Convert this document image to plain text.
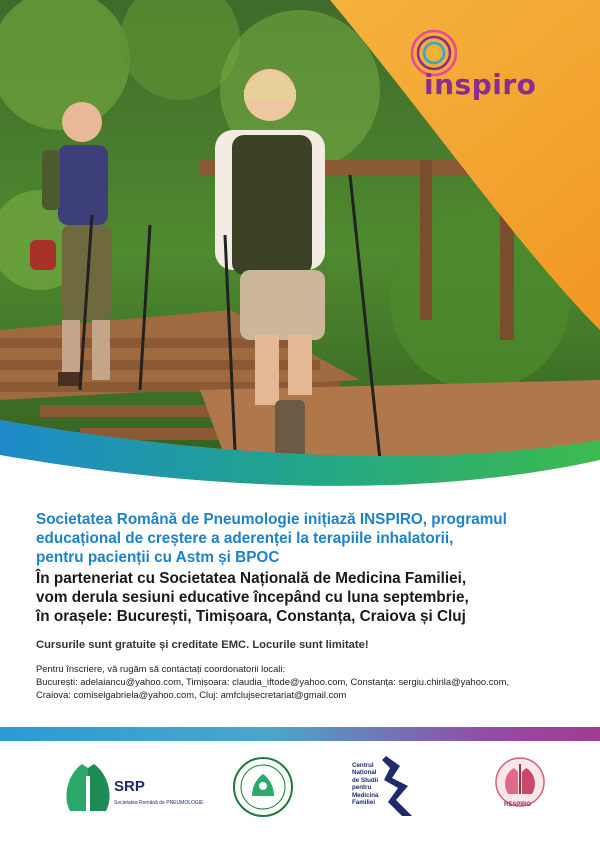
inspiro

Societatea Română de Pneumologie inițiază INSPIRO, programul
educațional de creștere a aderenței la terapiile inhalatorii,
pentru pacienții cu Astm și BPOC

În parteneriat cu Societatea Națională de Medicina Familiei,
vom derula sesiuni educative începând cu luna septembrie,
în orașele: București, Timișoara, Constanța, Craiova și Cluj

Cursurile sunt gratuite și creditate EMC. Locurile sunt limitate!

Pentru înscriere, vă rugăm să contactați coordonatorii locali:
București: adelaiancu@yahoo.com, Timișoara: claudia_iftode@yahoo.com, Constanța: sergiu.chirila@yahoo.com,
Craiova: comiselgabriela@yahoo.com, Cluj: amfclujsecretariat@gmail.com

SRP
Societatea Română de PNEUMOLOGIE
Centrul
Național
de Studii
pentru
Medicina
Familiei	RESPIRO
